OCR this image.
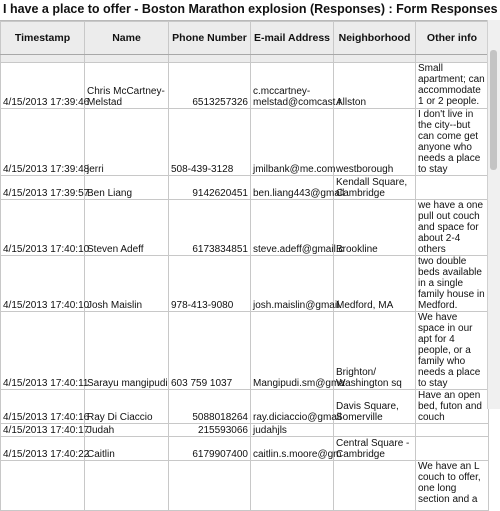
I have a place to offer - Boston Marathon explosion (Responses) : Form Responses
Timestamp	Name	Phone Number	E-mail Address	Neighborhood	Other info

4/15/2013 17:39:46	Chris McCartney-Melstad	6513257326	c.mccartney-melstad@comcast.r	Allston	Small apartment; can accommodate 1 or 2 people.
4/15/2013 17:39:48	jerri	508-439-3128	jmilbank@me.com	westborough	I don't live in the city--but can come get anyone who needs a place to stay
4/15/2013 17:39:57	Ben Liang	9142620451	ben.liang443@gmail	Kendall Square, Cambridge	
4/15/2013 17:40:10	Steven Adeff	6173834851	steve.adeff@gmail.c	Brookline	we have a one pull out couch and space for about 2-4 others
4/15/2013 17:40:10	Josh Maislin	978-413-9080	josh.maislin@gmail.	Medford, MA	two double beds available in a single family house in Medford.
4/15/2013 17:40:11	Sarayu mangipudi	603 759 1037	Mangipudi.sm@gma	Brighton/ Washington sq	We have space in our apt for 4 people, or a family who needs a place to stay
4/15/2013 17:40:16	Ray Di Ciaccio	5088018264	ray.diciaccio@gmail	Davis Square, Somerville	Have an open bed, futon and couch
4/15/2013 17:40:17	Judah	215593066	judahjls		
4/15/2013 17:40:22	Caitlin	6179907400	caitlin.s.moore@gm	Central Square - Cambridge	
					We have an L couch to offer, one long section and a
